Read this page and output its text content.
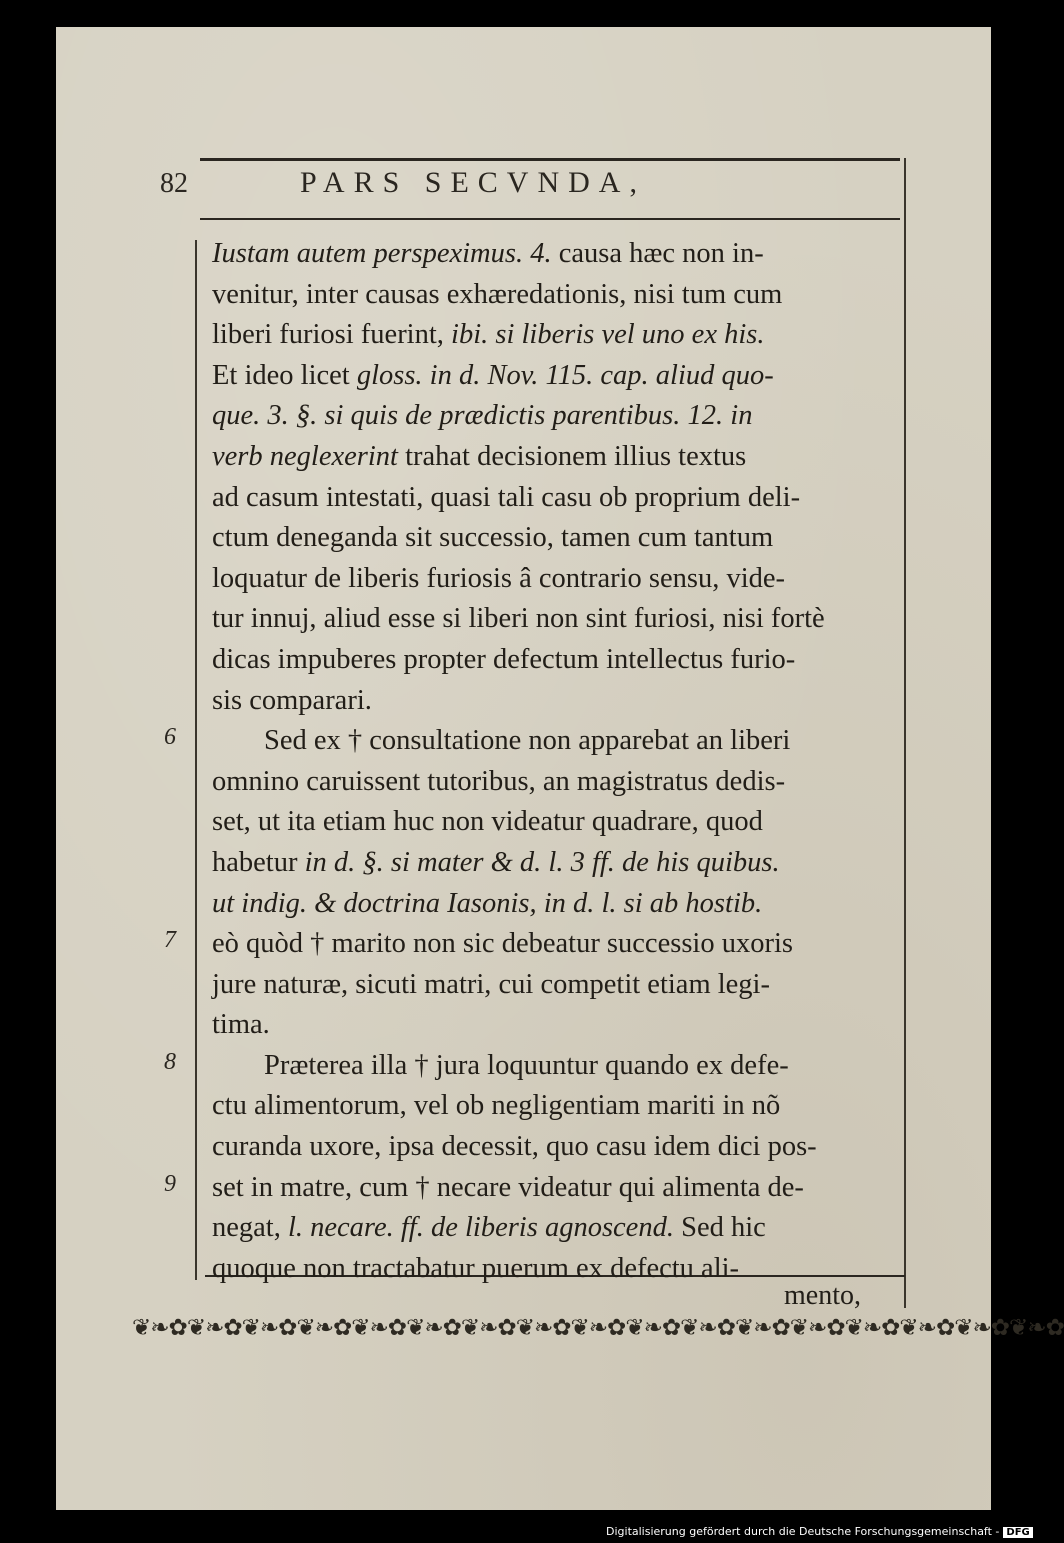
82	PARS SECVNDA,
Iustam autem perspeximus. 4. causa hæc non in-
venitur, inter causas exhæredationis, nisi tum cum
liberi furiosi fuerint, ibi. si liberis vel uno ex his.
Et ideo licet gloss. in d. Nov. 115. cap. aliud quo-
que. 3. §. si quis de prædictis parentibus. 12. in
verb neglexerint trahat decisionem illius textus
ad casum intestati, quasi tali casu ob proprium deli-
ctum deneganda sit successio, tamen cum tantum
loquatur de liberis furiosis â contrario sensu, vide-
tur innuj, aliud esse si liberi non sint furiosi, nisi fortè
dicas impuberes propter defectum intellectus furio-
sis comparari.
Sed ex † consultatione non apparebat an liberi
omnino caruissent tutoribus, an magistratus dedis-
set, ut ita etiam huc non videatur quadrare, quod
habetur in d. §. si mater & d. l. 3 ff. de his quibus.
ut indig. & doctrina Iasonis, in d. l. si ab hostib.
eò quòd † marito non sic debeatur successio uxoris
jure naturæ, sicuti matri, cui competit etiam legi-
tima.
Præterea illa † jura loquuntur quando ex defe-
ctu alimentorum, vel ob negligentiam mariti in nõ
curanda uxore, ipsa decessit, quo casu idem dici pos-
set in matre, cum † necare videatur qui alimenta de-
negat, l. necare. ff. de liberis agnoscend. Sed hic
quoque non tractabatur puerum ex defectu ali-
6
7
8
9
mento,
❦❧✿❦❧✿❦❧✿❦❧✿❦❧✿❦❧✿❦❧✿❦❧✿❦❧✿❦❧✿❦❧✿❦❧✿❦❧✿❦❧✿❦❧✿❦❧✿❦❧✿
Digitalisierung gefördert durch die Deutsche Forschungsgemeinschaft - DFG
